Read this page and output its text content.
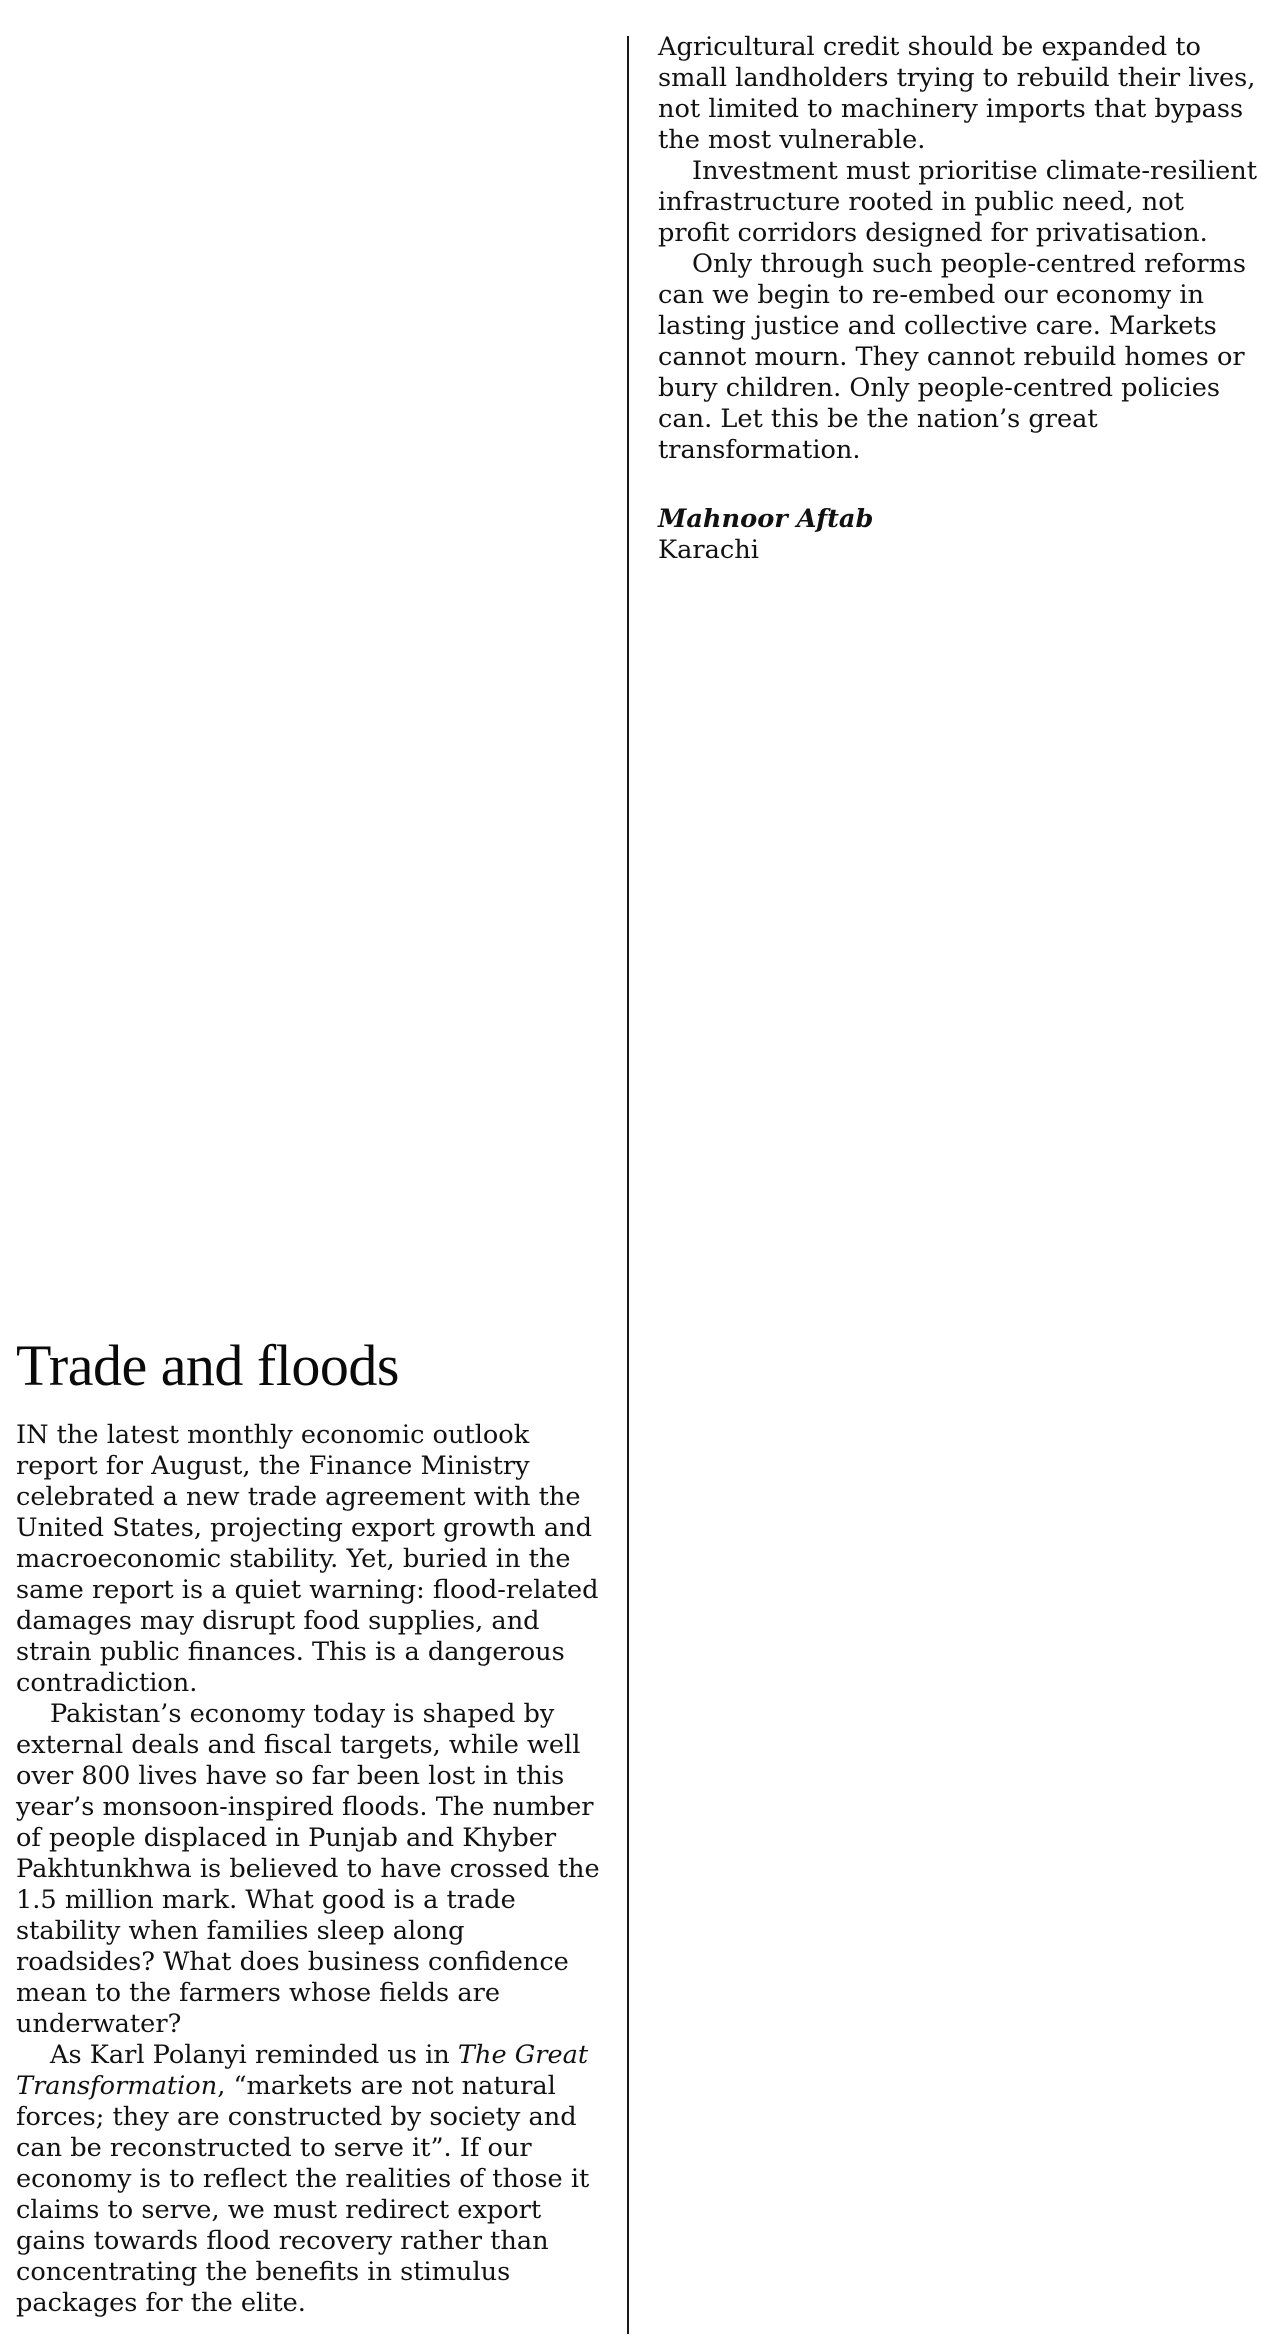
Agricultural credit should be expanded to small landholders trying to rebuild their lives, not limited to machinery imports that bypass the most vulnerable.

Investment must prioritise climate-resilient infrastructure rooted in public need, not profit corridors designed for privatisation.

Only through such people-centred reforms can we begin to re-embed our economy in lasting justice and collective care. Markets cannot mourn. They cannot rebuild homes or bury children. Only people-centred policies can. Let this be the nation’s great transformation.

Mahnoor Aftab
Karachi
Trade and floods

IN the latest monthly economic outlook report for August, the Finance Ministry celebrated a new trade agreement with the United States, projecting export growth and macroeconomic stability. Yet, buried in the same report is a quiet warning: flood-related damages may disrupt food supplies, and strain public finances. This is a dangerous contradiction.

Pakistan’s economy today is shaped by external deals and fiscal targets, while well over 800 lives have so far been lost in this year’s monsoon-inspired floods. The number of people displaced in Punjab and Khyber Pakhtunkhwa is believed to have crossed the 1.5 million mark. What good is a trade stability when families sleep along roadsides? What does business confidence mean to the farmers whose fields are underwater?

As Karl Polanyi reminded us in The Great Transformation, “markets are not natural forces; they are constructed by society and can be reconstructed to serve it”. If our economy is to reflect the realities of those it claims to serve, we must redirect export gains towards flood recovery rather than concentrating the benefits in stimulus packages for the elite.
